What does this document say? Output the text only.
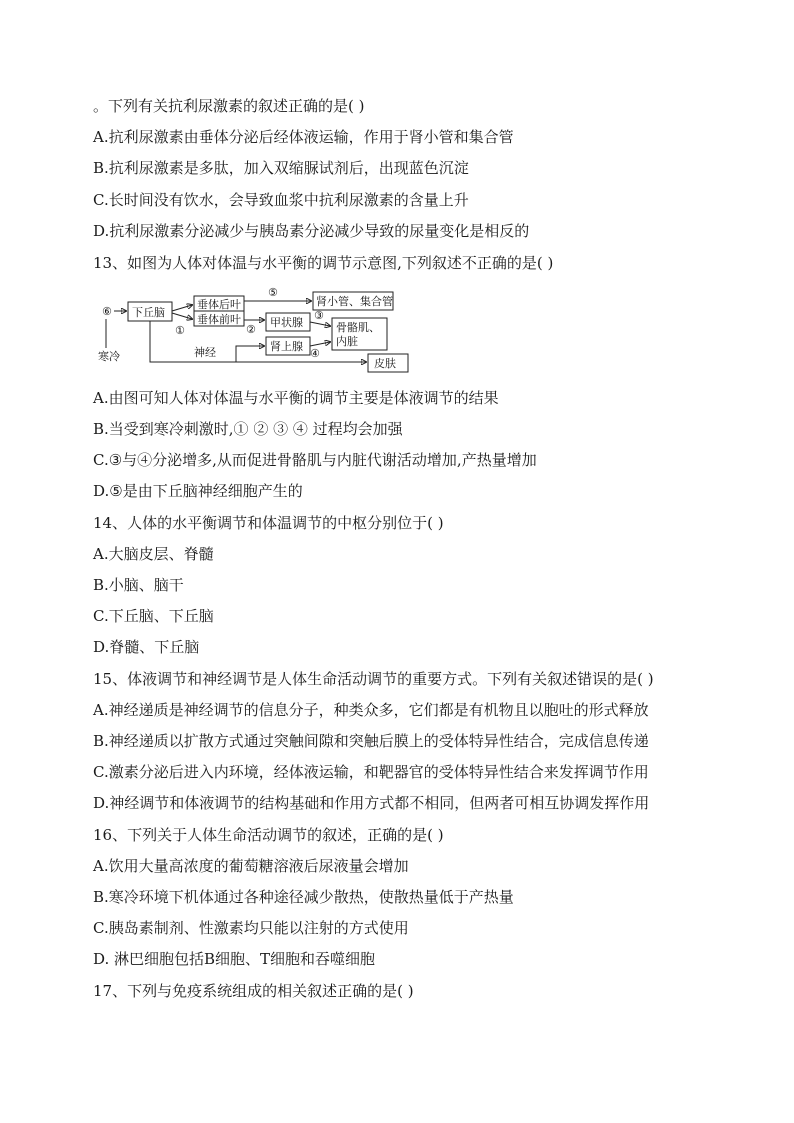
。下列有关抗利尿激素的叙述正确的是( )
A.抗利尿激素由垂体分泌后经体液运输，作用于肾小管和集合管
B.抗利尿激素是多肽，加入双缩脲试剂后，出现蓝色沉淀
C.长时间没有饮水，会导致血浆中抗利尿激素的含量上升
D.抗利尿激素分泌减少与胰岛素分泌减少导致的尿量变化是相反的
13、如图为人体对体温与水平衡的调节示意图,下列叙述不正确的是( )
⑥
寒冷
下丘脑
垂体后叶
垂体前叶
①
⑤
肾小管、集合管
②
甲状腺
③
骨骼肌、
内脏
肾上腺
④
神经
皮肤
A.由图可知人体对体温与水平衡的调节主要是体液调节的结果
B.当受到寒冷刺激时,① ② ③ ④ 过程均会加强
C.③与④分泌增多,从而促进骨骼肌与内脏代谢活动增加,产热量增加
D.⑤是由下丘脑神经细胞产生的
14、人体的水平衡调节和体温调节的中枢分别位于( )
A.大脑皮层、脊髓
B.小脑、脑干
C.下丘脑、下丘脑
D.脊髓、下丘脑
15、体液调节和神经调节是人体生命活动调节的重要方式。下列有关叙述错误的是( )
A.神经递质是神经调节的信息分子，种类众多，它们都是有机物且以胞吐的形式释放
B.神经递质以扩散方式通过突触间隙和突触后膜上的受体特异性结合，完成信息传递
C.激素分泌后进入内环境，经体液运输，和靶器官的受体特异性结合来发挥调节作用
D.神经调节和体液调节的结构基础和作用方式都不相同，但两者可相互协调发挥作用
16、下列关于人体生命活动调节的叙述，正确的是( )
A.饮用大量高浓度的葡萄糖溶液后尿液量会增加
B.寒冷环境下机体通过各种途径减少散热，使散热量低于产热量
C.胰岛素制剂、性激素均只能以注射的方式使用
D. 淋巴细胞包括B细胞、T细胞和吞噬细胞
17、下列与免疫系统组成的相关叙述正确的是( )
